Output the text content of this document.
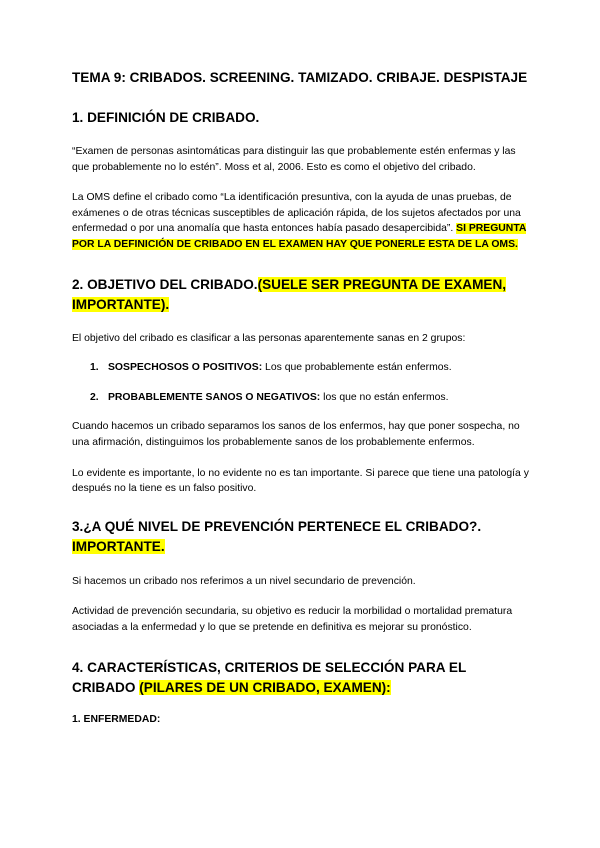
TEMA 9: CRIBADOS. SCREENING. TAMIZADO. CRIBAJE. DESPISTAJE
1. DEFINICIÓN DE CRIBADO.

“Examen de personas asintomáticas para distinguir las que probablemente estén enfermas y las que probablemente no lo estén”. Moss et al, 2006. Esto es como el objetivo del cribado.

La OMS define el cribado como “La identificación presuntiva, con la ayuda de unas pruebas, de exámenes o de otras técnicas susceptibles de aplicación rápida, de los sujetos afectados por una enfermedad o por una anomalía que hasta entonces había pasado desapercibida”. SI PREGUNTA POR LA DEFINICIÓN DE CRIBADO EN EL EXAMEN HAY QUE PONERLE ESTA DE LA OMS.

2. OBJETIVO DEL CRIBADO.(SUELE SER PREGUNTA DE EXAMEN, IMPORTANTE).

El objetivo del cribado es clasificar a las personas aparentemente sanas en 2 grupos:

1. SOSPECHOSOS O POSITIVOS: Los que probablemente están enfermos.
2. PROBABLEMENTE SANOS O NEGATIVOS: los que no están enfermos.

Cuando hacemos un cribado separamos los sanos de los enfermos, hay que poner sospecha, no una afirmación, distinguimos los probablemente sanos de los probablemente enfermos.

Lo evidente es importante, lo no evidente no es tan importante. Si parece que tiene una patología y después no la tiene es un falso positivo.

3.¿A QUÉ NIVEL DE PREVENCIÓN PERTENECE EL CRIBADO?. IMPORTANTE.

Si hacemos un cribado nos referimos a un nivel secundario de prevención.

Actividad de prevención secundaria, su objetivo es reducir la morbilidad o mortalidad prematura asociadas a la enfermedad y lo que se pretende en definitiva es mejorar su pronóstico.

4. CARACTERÍSTICAS, CRITERIOS DE SELECCIÓN PARA EL CRIBADO (PILARES DE UN CRIBADO, EXAMEN):

1. ENFERMEDAD:
